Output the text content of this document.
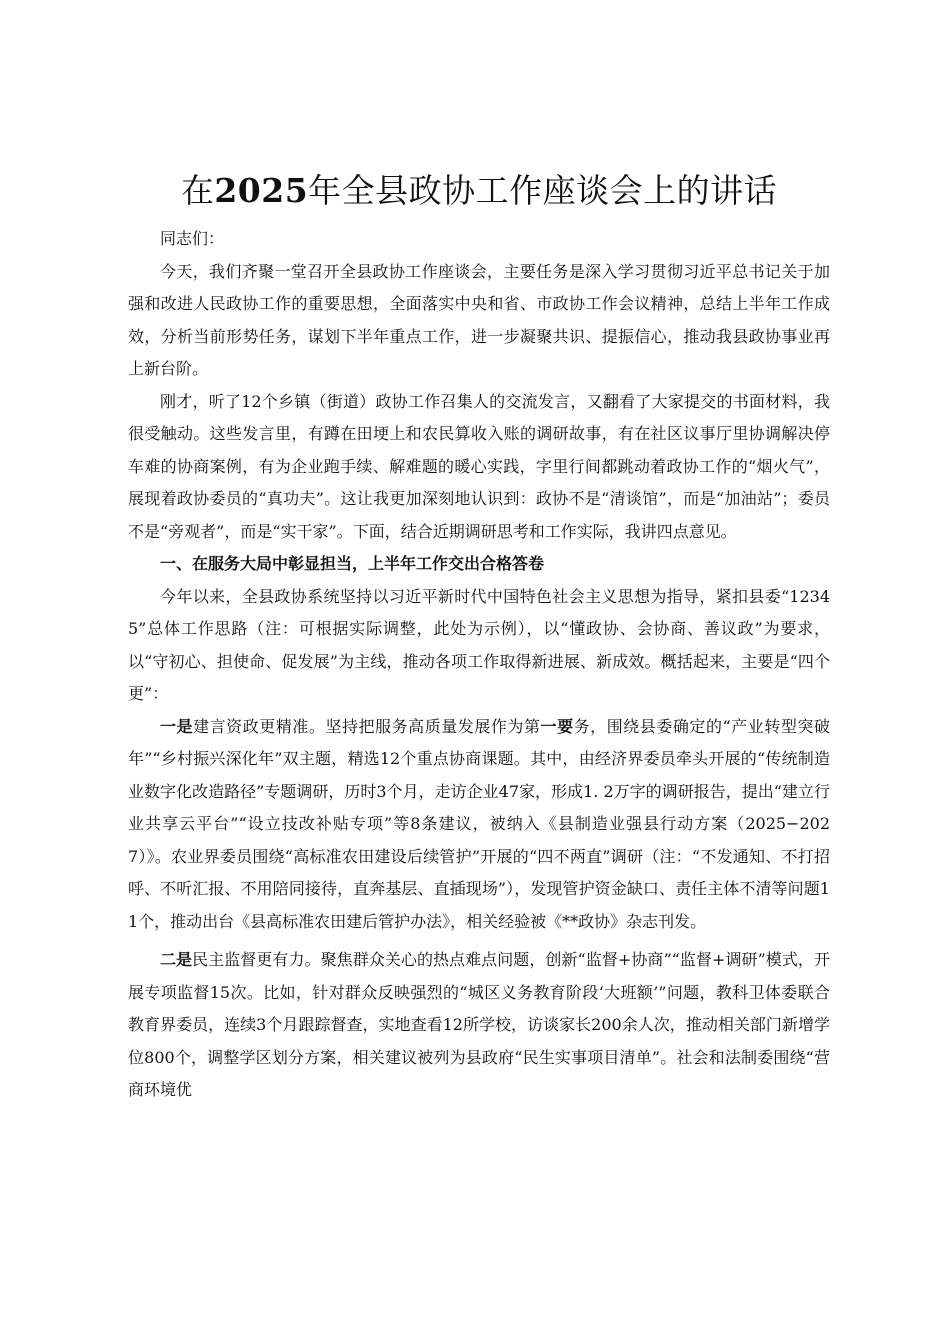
在2025年全县政协工作座谈会上的讲话

同志们：

今天，我们齐聚一堂召开全县政协工作座谈会，主要任务是深入学习贯彻习近平总书记关于加强和改进人民政协工作的重要思想，全面落实中央和省、市政协工作会议精神，总结上半年工作成效，分析当前形势任务，谋划下半年重点工作，进一步凝聚共识、提振信心，推动我县政协事业再上新台阶。

刚才，听了12个乡镇（街道）政协工作召集人的交流发言，又翻看了大家提交的书面材料，我很受触动。这些发言里，有蹲在田埂上和农民算收入账的调研故事，有在社区议事厅里协调解决停车难的协商案例，有为企业跑手续、解难题的暖心实践，字里行间都跳动着政协工作的“烟火气”，展现着政协委员的“真功夫”。这让我更加深刻地认识到：政协不是“清谈馆”，而是“加油站”；委员不是“旁观者”，而是“实干家”。下面，结合近期调研思考和工作实际，我讲四点意见。

一、在服务大局中彰显担当，上半年工作交出合格答卷

今年以来，全县政协系统坚持以习近平新时代中国特色社会主义思想为指导，紧扣县委“12345”总体工作思路（注：可根据实际调整，此处为示例），以“懂政协、会协商、善议政”为要求，以“守初心、担使命、促发展”为主线，推动各项工作取得新进展、新成效。概括起来，主要是“四个更”：

一是建言资政更精准。坚持把服务高质量发展作为第一要务，围绕县委确定的“产业转型突破年”“乡村振兴深化年”双主题，精选12个重点协商课题。其中，由经济界委员牵头开展的“传统制造业数字化改造路径”专题调研，历时3个月，走访企业47家，形成1. 2万字的调研报告，提出“建立行业共享云平台”“设立技改补贴专项”等8条建议，被纳入《县制造业强县行动方案（2025−2027）》。农业界委员围绕“高标准农田建设后续管护”开展的“四不两直”调研（注：“不发通知、不打招呼、不听汇报、不用陪同接待，直奔基层、直插现场”），发现管护资金缺口、责任主体不清等问题11个，推动出台《县高标准农田建后管护办法》，相关经验被《**政协》杂志刊发。

二是民主监督更有力。聚焦群众关心的热点难点问题，创新“监督+协商”“监督+调研”模式，开展专项监督15次。比如，针对群众反映强烈的“城区义务教育阶段‘大班额’”问题，教科卫体委联合教育界委员，连续3个月跟踪督查，实地查看12所学校，访谈家长200余人次，推动相关部门新增学位800个，调整学区划分方案，相关建议被列为县政府“民生实事项目清单”。社会和法制委围绕“营商环境优
